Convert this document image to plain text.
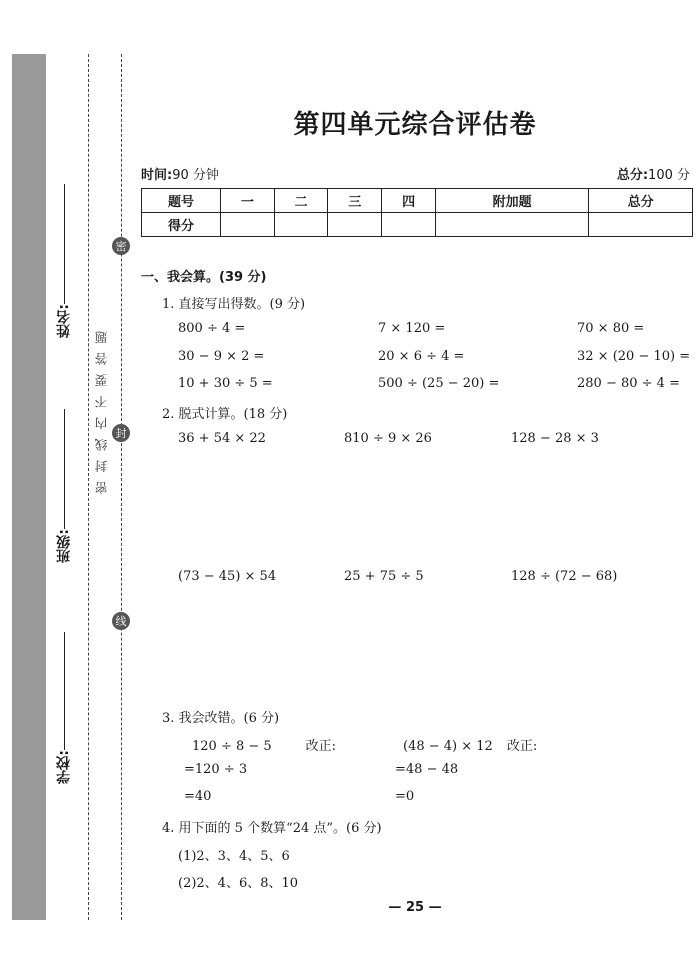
姓名:
班级:
学校:
密封线内不要答题
密
封
线
第四单元综合评估卷
时间:90 分钟	总分:100 分
题号	一	二	三	四	附加题	总分
得分						
一、我会算。(39 分)
1. 直接写出得数。(9 分)
800 ÷ 4 =	7 × 120 =	70 × 80 =
30 − 9 × 2 =	20 × 6 ÷ 4 =	32 × (20 − 10) =
10 + 30 ÷ 5 =	500 ÷ (25 − 20) =	280 − 80 ÷ 4 =
2. 脱式计算。(18 分)
36 + 54 × 22	810 ÷ 9 × 26	128 − 28 × 3
(73 − 45) × 54	25 + 75 ÷ 5	128 ÷ (72 − 68)
3. 我会改错。(6 分)
120 ÷ 8 − 5	改正:
=120 ÷ 3
=40
(48 − 4) × 12 改正:
=48 − 48
=0
4. 用下面的 5 个数算“24 点”。(6 分)
(1)2、3、4、5、6
(2)2、4、6、8、10
— 25 —
